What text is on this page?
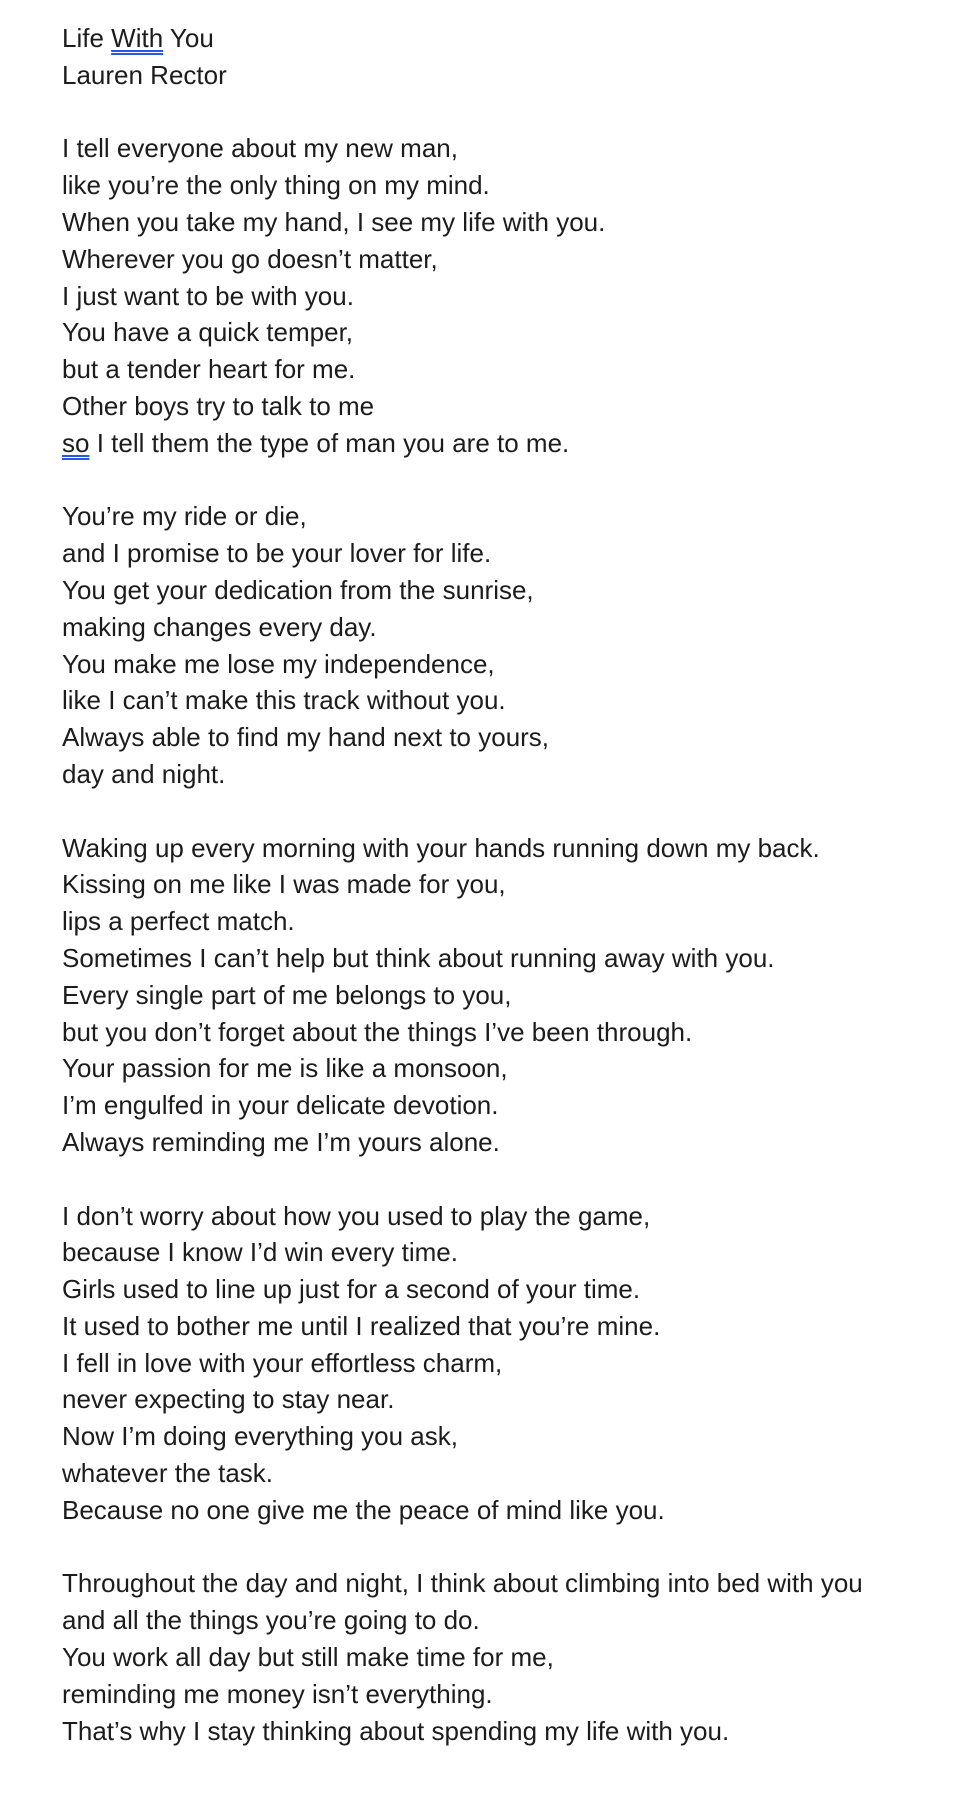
Life With You
Lauren Rector
I tell everyone about my new man,
like you’re the only thing on my mind.
When you take my hand, I see my life with you.
Wherever you go doesn’t matter,
I just want to be with you.
You have a quick temper,
but a tender heart for me.
Other boys try to talk to me
so I tell them the type of man you are to me.
You’re my ride or die,
and I promise to be your lover for life.
You get your dedication from the sunrise,
making changes every day.
You make me lose my independence,
like I can’t make this track without you.
Always able to find my hand next to yours,
day and night.
Waking up every morning with your hands running down my back.
Kissing on me like I was made for you,
lips a perfect match.
Sometimes I can’t help but think about running away with you.
Every single part of me belongs to you,
but you don’t forget about the things I’ve been through.
Your passion for me is like a monsoon,
I’m engulfed in your delicate devotion.
Always reminding me I’m yours alone.
I don’t worry about how you used to play the game,
because I know I’d win every time.
Girls used to line up just for a second of your time.
It used to bother me until I realized that you’re mine.
I fell in love with your effortless charm,
never expecting to stay near.
Now I’m doing everything you ask,
whatever the task.
Because no one give me the peace of mind like you.
Throughout the day and night, I think about climbing into bed with you
and all the things you’re going to do.
You work all day but still make time for me,
reminding me money isn’t everything.
That’s why I stay thinking about spending my life with you.
